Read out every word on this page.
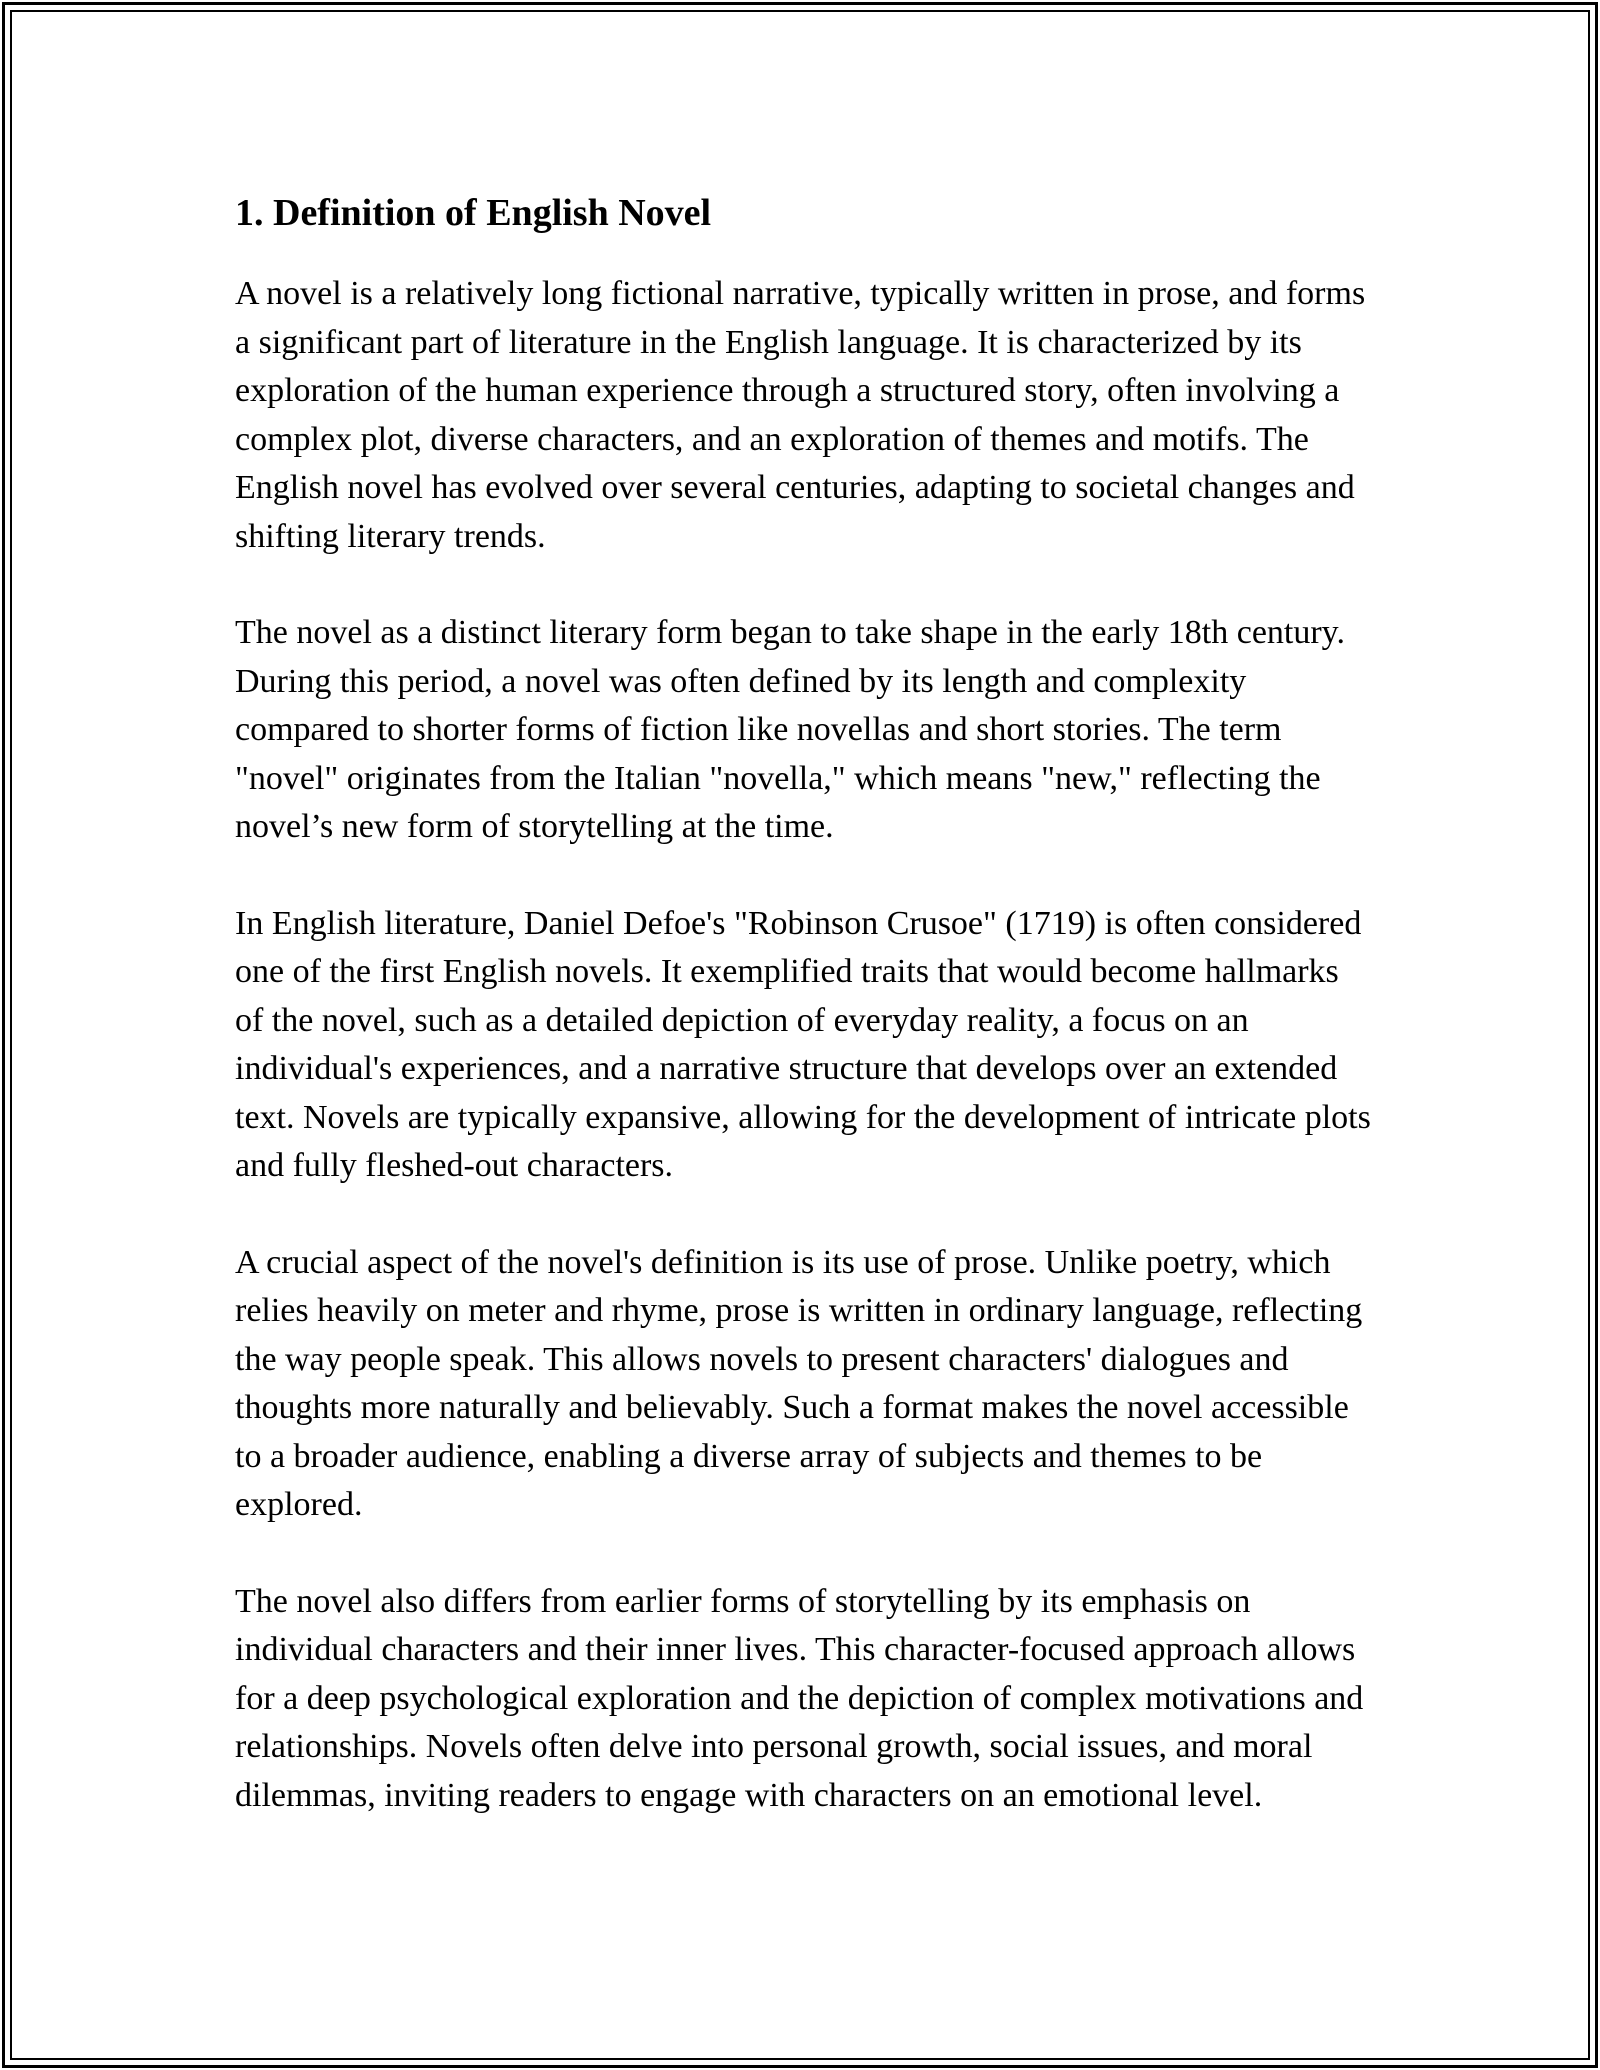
1. Definition of English Novel

A novel is a relatively long fictional narrative, typically written in prose, and forms a significant part of literature in the English language. It is characterized by its exploration of the human experience through a structured story, often involving a complex plot, diverse characters, and an exploration of themes and motifs. The English novel has evolved over several centuries, adapting to societal changes and shifting literary trends.

The novel as a distinct literary form began to take shape in the early 18th century. During this period, a novel was often defined by its length and complexity compared to shorter forms of fiction like novellas and short stories. The term "novel" originates from the Italian "novella," which means "new," reflecting the novel’s new form of storytelling at the time.

In English literature, Daniel Defoe's "Robinson Crusoe" (1719) is often considered one of the first English novels. It exemplified traits that would become hallmarks of the novel, such as a detailed depiction of everyday reality, a focus on an individual's experiences, and a narrative structure that develops over an extended text. Novels are typically expansive, allowing for the development of intricate plots and fully fleshed-out characters.

A crucial aspect of the novel's definition is its use of prose. Unlike poetry, which relies heavily on meter and rhyme, prose is written in ordinary language, reflecting the way people speak. This allows novels to present characters' dialogues and thoughts more naturally and believably. Such a format makes the novel accessible to a broader audience, enabling a diverse array of subjects and themes to be explored.

The novel also differs from earlier forms of storytelling by its emphasis on individual characters and their inner lives. This character-focused approach allows for a deep psychological exploration and the depiction of complex motivations and relationships. Novels often delve into personal growth, social issues, and moral dilemmas, inviting readers to engage with characters on an emotional level.
